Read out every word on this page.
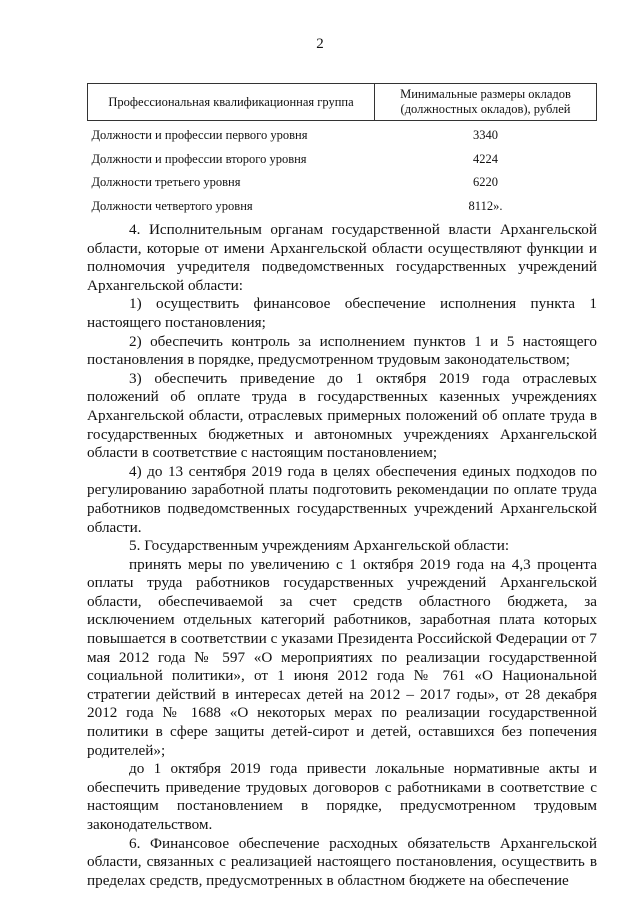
2
Профессиональная квалификационная группа	Минимальные размеры окладов (должностных окладов), рублей
Должности и профессии первого уровня	3340
Должности и профессии второго уровня	4224
Должности третьего уровня	6220
Должности четвертого уровня	8112».

4. Исполнительным органам государственной власти Архангельской области, которые от имени Архангельской области осуществляют функции и полномочия учредителя подведомственных государственных учреждений Архангельской области:

1) осуществить финансовое обеспечение исполнения пункта 1 настоящего постановления;

2) обеспечить контроль за исполнением пунктов 1 и 5 настоящего постановления в порядке, предусмотренном трудовым законодательством;

3) обеспечить приведение до 1 октября 2019 года отраслевых положений об оплате труда в государственных казенных учреждениях Архангельской области, отраслевых примерных положений об оплате труда в государственных бюджетных и автономных учреждениях Архангельской области в соответствие с настоящим постановлением;

4) до 13 сентября 2019 года в целях обеспечения единых подходов по регулированию заработной платы подготовить рекомендации по оплате труда работников подведомственных государственных учреждений Архангельской области.

5. Государственным учреждениям Архангельской области:

принять меры по увеличению с 1 октября 2019 года на 4,3 процента оплаты труда работников государственных учреждений Архангельской области, обеспечиваемой за счет средств областного бюджета, за исключением отдельных категорий работников, заработная плата которых повышается в соответствии с указами Президента Российской Федерации от 7 мая 2012 года № 597 «О мероприятиях по реализации государственной социальной политики», от 1 июня 2012 года № 761 «О Национальной стратегии действий в интересах детей на 2012 – 2017 годы», от 28 декабря 2012 года № 1688 «О некоторых мерах по реализации государственной политики в сфере защиты детей-сирот и детей, оставшихся без попечения родителей»;

до 1 октября 2019 года привести локальные нормативные акты и обеспечить приведение трудовых договоров с работниками в соответствие с настоящим постановлением в порядке, предусмотренном трудовым законодательством.

6. Финансовое обеспечение расходных обязательств Архангельской области, связанных с реализацией настоящего постановления, осуществить в пределах средств, предусмотренных в областном бюджете на обеспечение
